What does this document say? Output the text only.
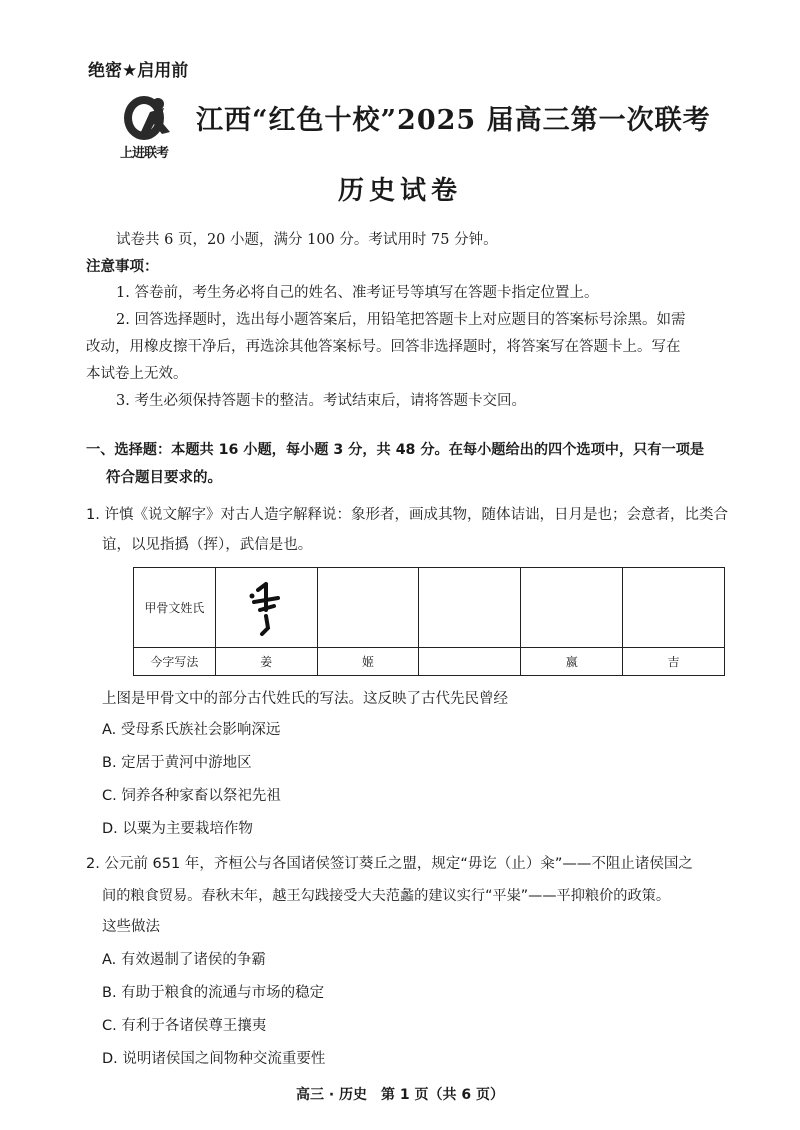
绝密★启用前
上进联考
江西“红色十校”2025 届高三第一次联考
历史试卷
试卷共 6 页，20 小题，满分 100 分。考试用时 75 分钟。
注意事项：
1. 答卷前，考生务必将自己的姓名、准考证号等填写在答题卡指定位置上。
2. 回答选择题时，选出每小题答案后，用铅笔把答题卡上对应题目的答案标号涂黑。如需
改动，用橡皮擦干净后，再选涂其他答案标号。回答非选择题时，将答案写在答题卡上。写在
本试卷上无效。
3. 考生必须保持答题卡的整洁。考试结束后，请将答题卡交回。
一、选择题：本题共 16 小题，每小题 3 分，共 48 分。在每小题给出的四个选项中，只有一项是
符合题目要求的。
1. 许慎《说文解字》对古人造字解释说：象形者，画成其物，随体诘诎，日月是也；会意者，比类合
谊，以见指撝（挥），武信是也。
甲骨文姓氏					
今字写法	姜	姬		嬴	吉
上图是甲骨文中的部分古代姓氏的写法。这反映了古代先民曾经
A. 受母系氏族社会影响深远
B. 定居于黄河中游地区
C. 饲养各种家畜以祭祀先祖
D. 以粟为主要栽培作物
2. 公元前 651 年，齐桓公与各国诸侯签订葵丘之盟，规定“毋讫（止）籴”——不阻止诸侯国之
间的粮食贸易。春秋末年，越王勾践接受大夫范蠡的建议实行“平粜”——平抑粮价的政策。
这些做法
A. 有效遏制了诸侯的争霸
B. 有助于粮食的流通与市场的稳定
C. 有利于各诸侯尊王攘夷
D. 说明诸侯国之间物种交流重要性
高三 · 历史　第 1 页（共 6 页）
